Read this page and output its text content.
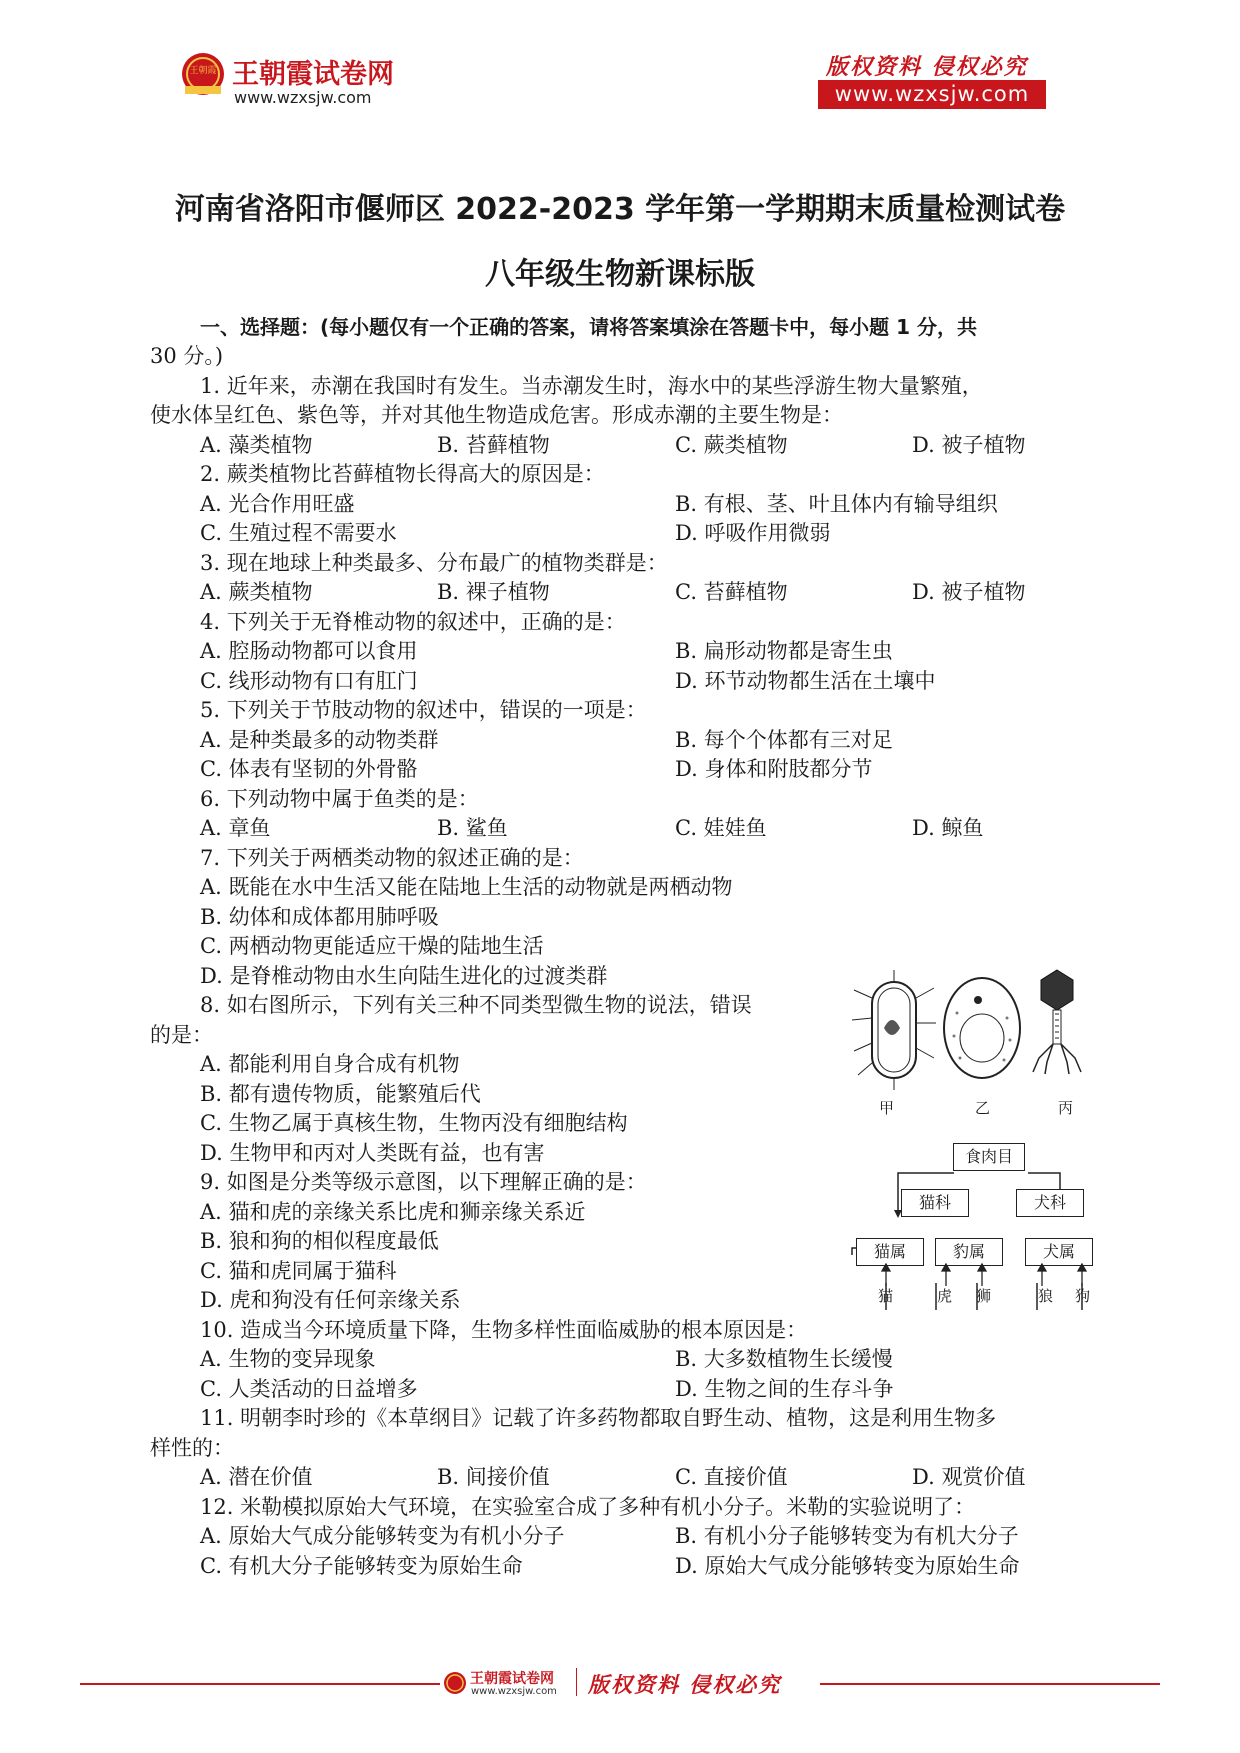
王朝霞 王朝霞试卷网
www.wzxsjw.com
版权资料 侵权必究
www.wzxsjw.com
河南省洛阳市偃师区 2022-2023 学年第一学期期末质量检测试卷
八年级生物新课标版
一、选择题：(每小题仅有一个正确的答案，请将答案填涂在答题卡中，每小题 1 分，共
30 分。)
1. 近年来，赤潮在我国时有发生。当赤潮发生时，海水中的某些浮游生物大量繁殖，
使水体呈红色、紫色等，并对其他生物造成危害。形成赤潮的主要生物是：
A. 藻类植物	B. 苔藓植物	C. 蕨类植物	D. 被子植物
2. 蕨类植物比苔藓植物长得高大的原因是：
A. 光合作用旺盛	B. 有根、茎、叶且体内有输导组织
C. 生殖过程不需要水	D. 呼吸作用微弱
3. 现在地球上种类最多、分布最广的植物类群是：
A. 蕨类植物	B. 裸子植物	C. 苔藓植物	D. 被子植物
4. 下列关于无脊椎动物的叙述中，正确的是：
A. 腔肠动物都可以食用	B. 扁形动物都是寄生虫
C. 线形动物有口有肛门	D. 环节动物都生活在土壤中
5. 下列关于节肢动物的叙述中，错误的一项是：
A. 是种类最多的动物类群	B. 每个个体都有三对足
C. 体表有坚韧的外骨骼	D. 身体和附肢都分节
6. 下列动物中属于鱼类的是：
A. 章鱼	B. 鲨鱼	C. 娃娃鱼	D. 鲸鱼
7. 下列关于两栖类动物的叙述正确的是：
A. 既能在水中生活又能在陆地上生活的动物就是两栖动物
B. 幼体和成体都用肺呼吸
C. 两栖动物更能适应干燥的陆地生活
D. 是脊椎动物由水生向陆生进化的过渡类群
8. 如右图所示，下列有关三种不同类型微生物的说法，错误
的是：
A. 都能利用自身合成有机物
B. 都有遗传物质，能繁殖后代
C. 生物乙属于真核生物，生物丙没有细胞结构
D. 生物甲和丙对人类既有益，也有害
9. 如图是分类等级示意图，以下理解正确的是：
A. 猫和虎的亲缘关系比虎和狮亲缘关系近
B. 狼和狗的相似程度最低
C. 猫和虎同属于猫科
D. 虎和狗没有任何亲缘关系
10. 造成当今环境质量下降，生物多样性面临威胁的根本原因是：
A. 生物的变异现象	B. 大多数植物生长缓慢
C. 人类活动的日益增多	D. 生物之间的生存斗争
11. 明朝李时珍的《本草纲目》记载了许多药物都取自野生动、植物，这是利用生物多
样性的：
A. 潜在价值	B. 间接价值	C. 直接价值	D. 观赏价值
12. 米勒模拟原始大气环境，在实验室合成了多种有机小分子。米勒的实验说明了：
A. 原始大气成分能够转变为有机小分子	B. 有机小分子能够转变为有机大分子
C. 有机大分子能够转变为原始生命	D. 原始大气成分能够转变为原始生命
甲	乙	丙
食肉目
猫科	犬科
猫属	豹属	犬属
猫	虎 狮	狼 狗
王朝霞试卷网
www.wzxsjw.com 版权资料 侵权必究
